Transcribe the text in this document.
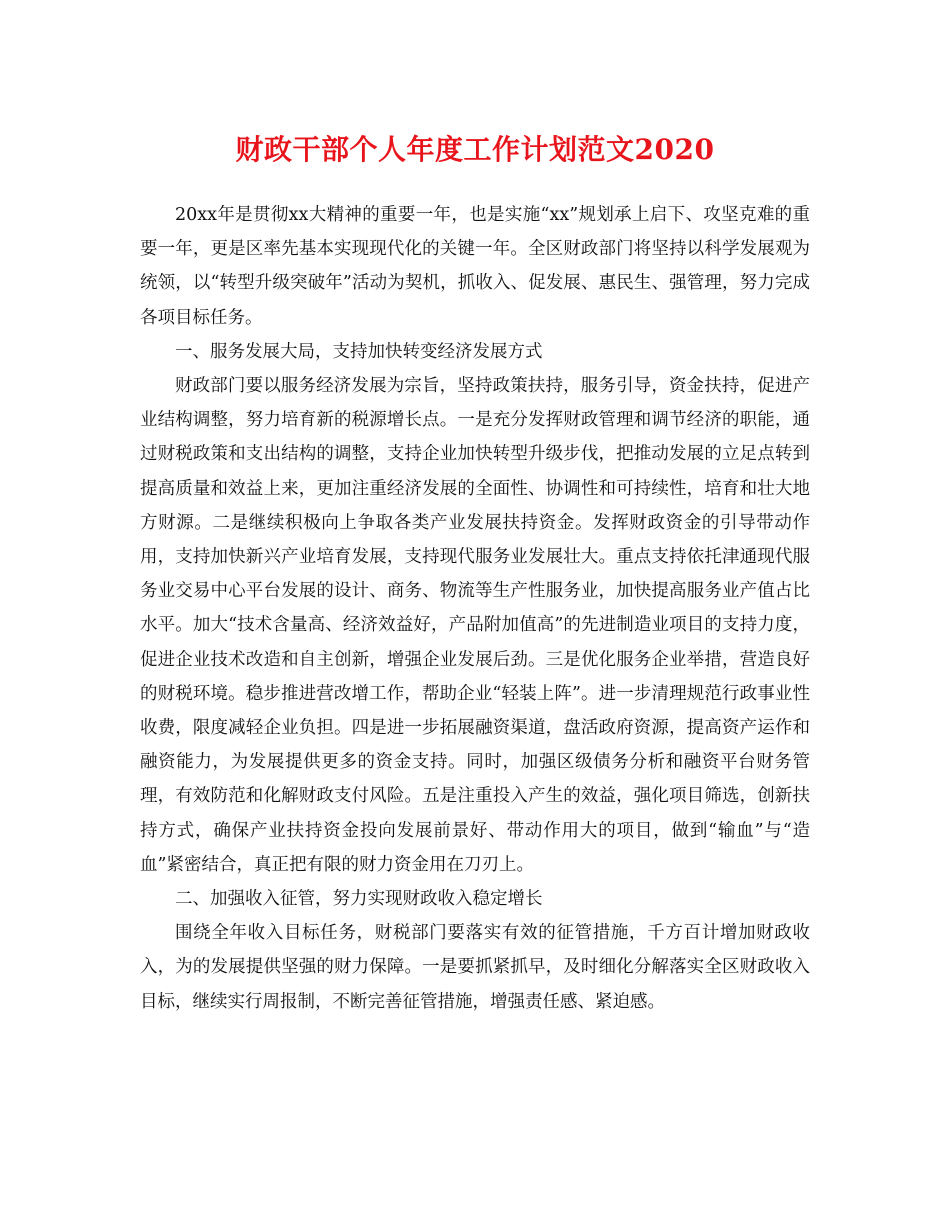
财政干部个人年度工作计划范文2020

20xx年是贯彻xx大精神的重要一年，也是实施“xx”规划承上启下、攻坚克难的重要一年，更是区率先基本实现现代化的关键一年。全区财政部门将坚持以科学发展观为统领，以“转型升级突破年”活动为契机，抓收入、促发展、惠民生、强管理，努力完成各项目标任务。

一、服务发展大局，支持加快转变经济发展方式

财政部门要以服务经济发展为宗旨，坚持政策扶持，服务引导，资金扶持，促进产业结构调整，努力培育新的税源增长点。一是充分发挥财政管理和调节经济的职能，通过财税政策和支出结构的调整，支持企业加快转型升级步伐，把推动发展的立足点转到提高质量和效益上来，更加注重经济发展的全面性、协调性和可持续性，培育和壮大地方财源。二是继续积极向上争取各类产业发展扶持资金。发挥财政资金的引导带动作用，支持加快新兴产业培育发展，支持现代服务业发展壮大。重点支持依托津通现代服务业交易中心平台发展的设计、商务、物流等生产性服务业，加快提高服务业产值占比水平。加大“技术含量高、经济效益好，产品附加值高”的先进制造业项目的支持力度，促进企业技术改造和自主创新，增强企业发展后劲。三是优化服务企业举措，营造良好的财税环境。稳步推进营改增工作，帮助企业“轻装上阵”。进一步清理规范行政事业性收费，限度减轻企业负担。四是进一步拓展融资渠道，盘活政府资源，提高资产运作和融资能力，为发展提供更多的资金支持。同时，加强区级债务分析和融资平台财务管理，有效防范和化解财政支付风险。五是注重投入产生的效益，强化项目筛选，创新扶持方式，确保产业扶持资金投向发展前景好、带动作用大的项目，做到“输血”与“造血”紧密结合，真正把有限的财力资金用在刀刃上。

二、加强收入征管，努力实现财政收入稳定增长

围绕全年收入目标任务，财税部门要落实有效的征管措施，千方百计增加财政收入，为的发展提供坚强的财力保障。一是要抓紧抓早，及时细化分解落实全区财政收入目标，继续实行周报制，不断完善征管措施，增强责任感、紧迫感。
